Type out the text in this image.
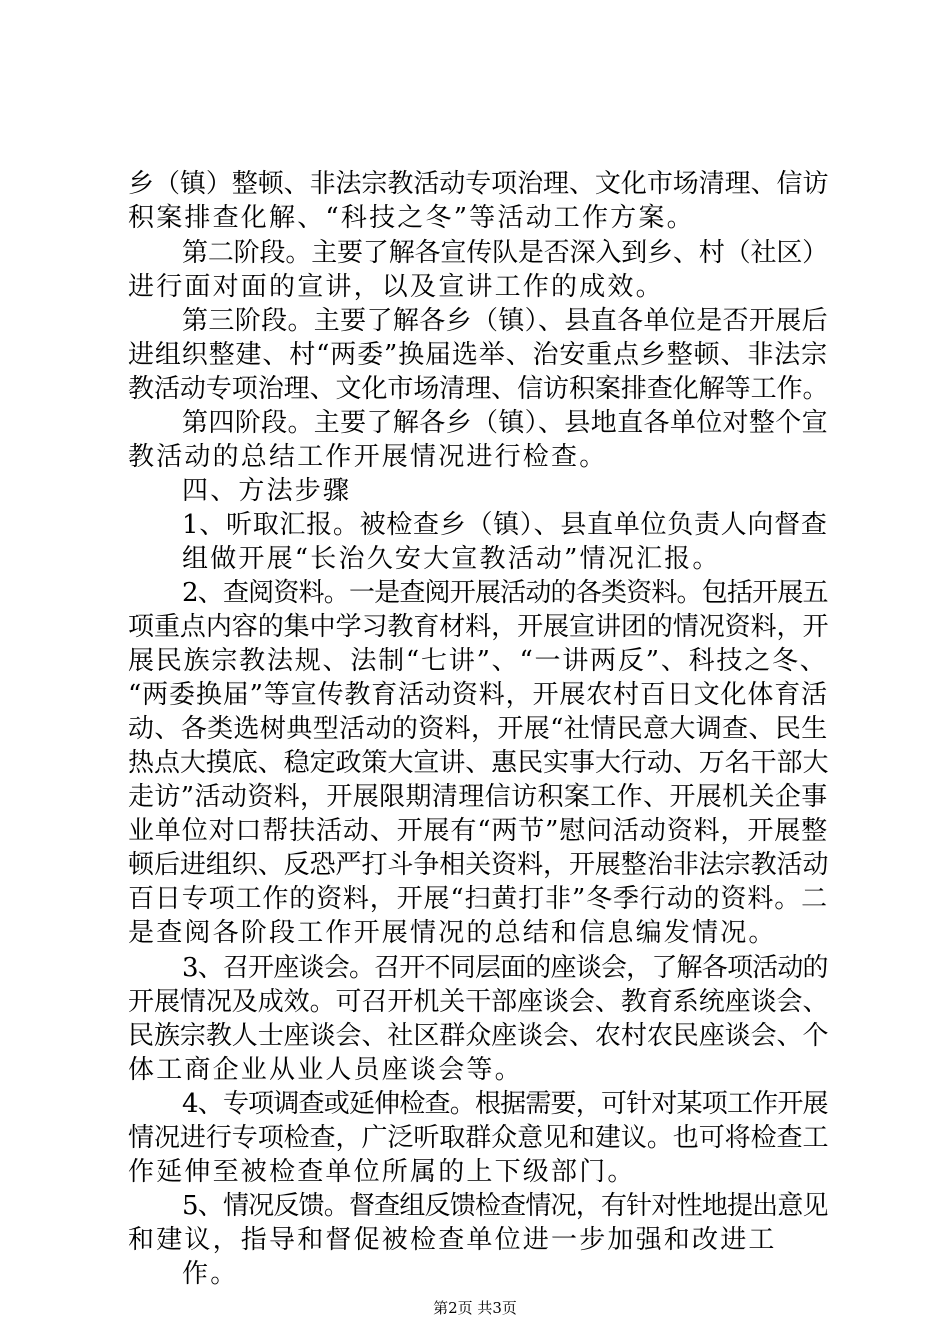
乡（镇）整顿、非法宗教活动专项治理、文化市场清理、信访
积案排查化解、“科技之冬”等活动工作方案。
第二阶段。主要了解各宣传队是否深入到乡、村（社区）
进行面对面的宣讲，以及宣讲工作的成效。
第三阶段。主要了解各乡（镇）、县直各单位是否开展后
进组织整建、村“两委”换届选举、治安重点乡整顿、非法宗
教活动专项治理、文化市场清理、信访积案排查化解等工作。
第四阶段。主要了解各乡（镇）、县地直各单位对整个宣
教活动的总结工作开展情况进行检查。
四、方法步骤
1、听取汇报。被检查乡（镇）、县直单位负责人向督查
组做开展“长治久安大宣教活动”情况汇报。
2、查阅资料。一是查阅开展活动的各类资料。包括开展五
项重点内容的集中学习教育材料，开展宣讲团的情况资料，开
展民族宗教法规、法制“七讲”、“一讲两反”、科技之冬、
“两委换届”等宣传教育活动资料，开展农村百日文化体育活
动、各类选树典型活动的资料，开展“社情民意大调查、民生
热点大摸底、稳定政策大宣讲、惠民实事大行动、万名干部大
走访”活动资料，开展限期清理信访积案工作、开展机关企事
业单位对口帮扶活动、开展有“两节”慰问活动资料，开展整
顿后进组织、反恐严打斗争相关资料，开展整治非法宗教活动
百日专项工作的资料，开展“扫黄打非”冬季行动的资料。二
是查阅各阶段工作开展情况的总结和信息编发情况。
3、召开座谈会。召开不同层面的座谈会，了解各项活动的
开展情况及成效。可召开机关干部座谈会、教育系统座谈会、
民族宗教人士座谈会、社区群众座谈会、农村农民座谈会、个
体工商企业从业人员座谈会等。
4、专项调查或延伸检查。根据需要，可针对某项工作开展
情况进行专项检查，广泛听取群众意见和建议。也可将检查工
作延伸至被检查单位所属的上下级部门。
5、情况反馈。督查组反馈检查情况，有针对性地提出意见
和建议，指导和督促被检查单位进一步加强和改进工
作。
第2页 共3页
